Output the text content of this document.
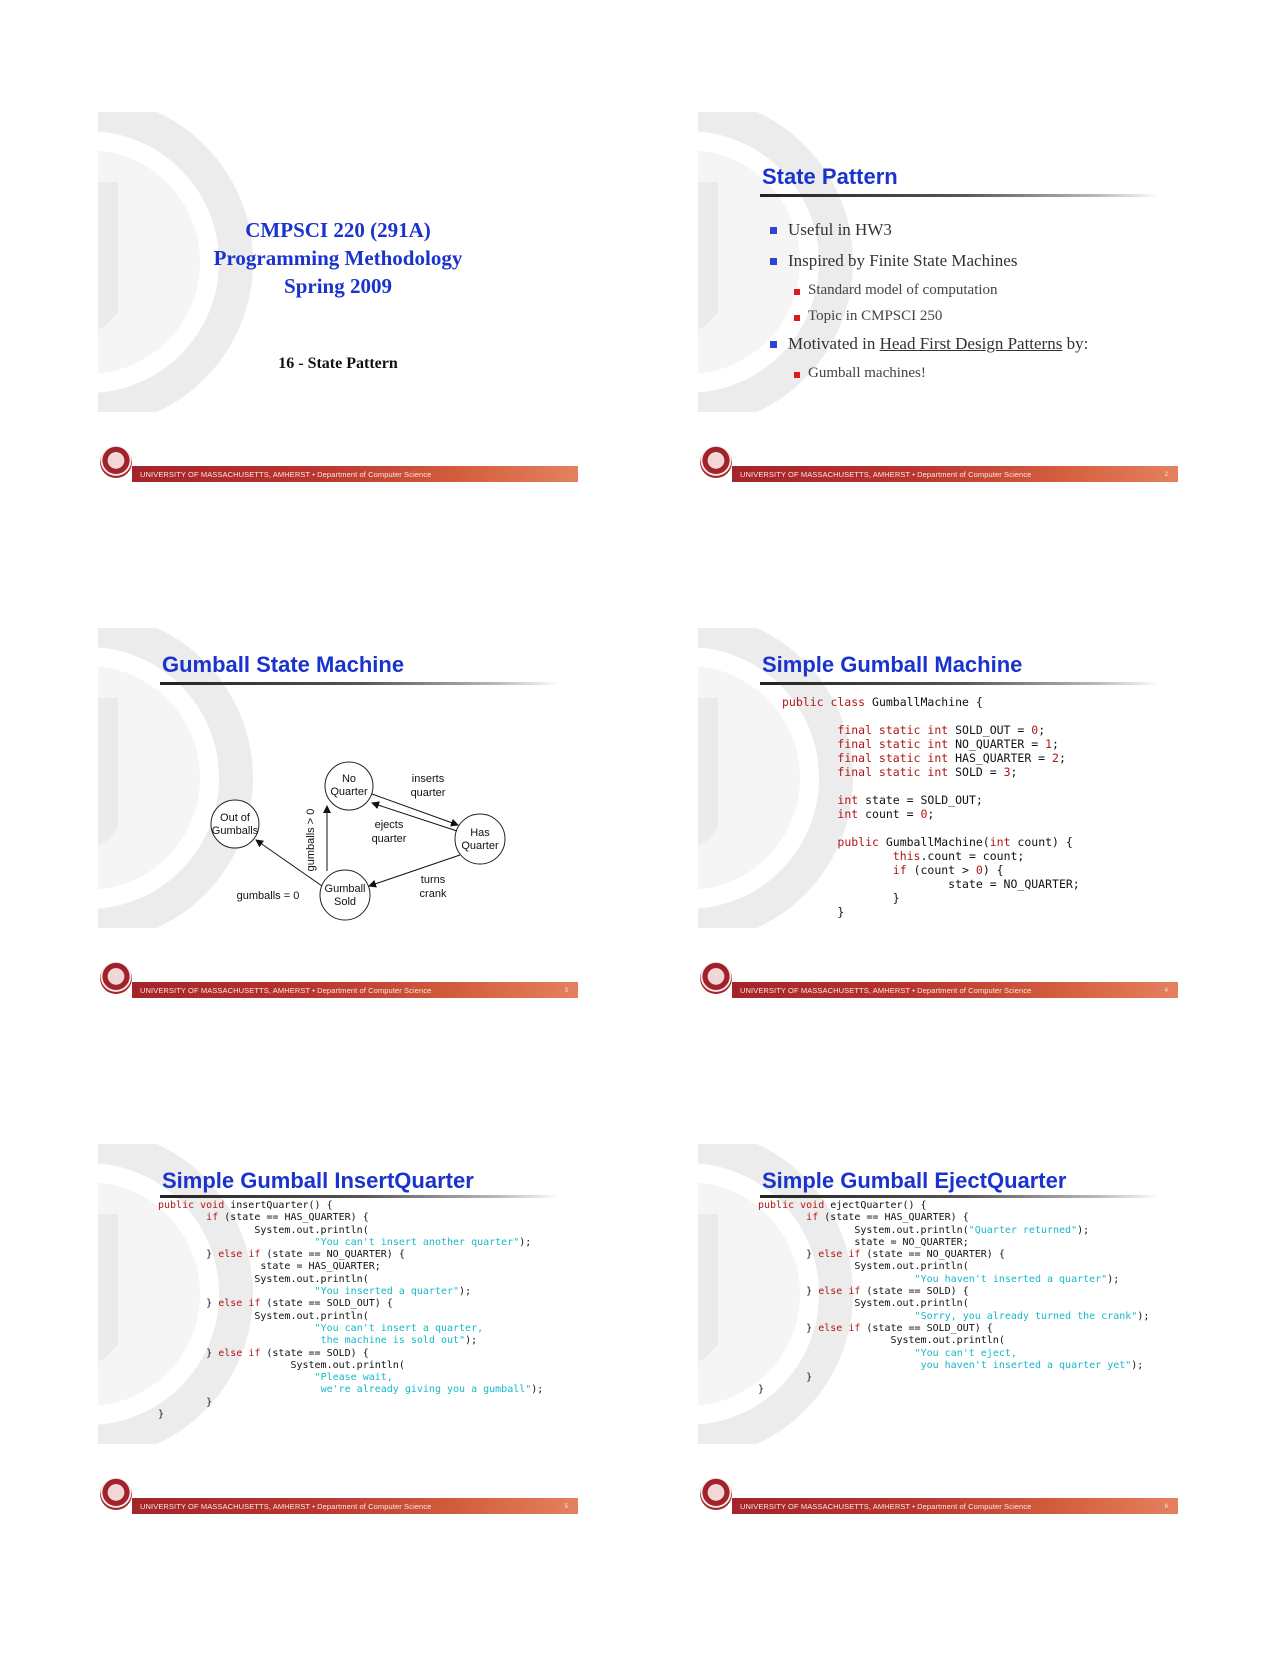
CMPSCI 220 (291A)
Programming Methodology
Spring 2009
16 - State Pattern
UNIVERSITY OF MASSACHUSETTS, AMHERST • Department of Computer Science
State Pattern
Useful in HW3
Inspired by Finite State Machines
Standard model of computation
Topic in CMPSCI 250
Motivated in Head First Design Patterns by:
Gumball machines!
UNIVERSITY OF MASSACHUSETTS, AMHERST • Department of Computer Science	2
Gumball State Machine
No
Quarter
Has
Quarter
Gumball
Sold
Out of
Gumballs
inserts
quarter
ejects
quarter
turns
crank
gumballs > 0
gumballs = 0
UNIVERSITY OF MASSACHUSETTS, AMHERST • Department of Computer Science	3
Simple Gumball Machine
public class GumballMachine {

final static int SOLD_OUT = 0;
final static int NO_QUARTER = 1;
final static int HAS_QUARTER = 2;
final static int SOLD = 3;

int state = SOLD_OUT;
int count = 0;

public GumballMachine(int count) {
this.count = count;
if (count > 0) {
state = NO_QUARTER;
}
}
UNIVERSITY OF MASSACHUSETTS, AMHERST • Department of Computer Science	4
Simple Gumball InsertQuarter
public void insertQuarter() {
if (state == HAS_QUARTER) {
System.out.println(
"You can't insert another quarter");
} else if (state == NO_QUARTER) {
state = HAS_QUARTER;
System.out.println(
"You inserted a quarter");
} else if (state == SOLD_OUT) {
System.out.println(
"You can't insert a quarter,
the machine is sold out");
} else if (state == SOLD) {
System.out.println(
"Please wait,
we're already giving you a gumball");
}
}
UNIVERSITY OF MASSACHUSETTS, AMHERST • Department of Computer Science	5
Simple Gumball EjectQuarter
public void ejectQuarter() {
if (state == HAS_QUARTER) {
System.out.println("Quarter returned");
state = NO_QUARTER;
} else if (state == NO_QUARTER) {
System.out.println(
"You haven't inserted a quarter");
} else if (state == SOLD) {
System.out.println(
"Sorry, you already turned the crank");
} else if (state == SOLD_OUT) {
System.out.println(
"You can't eject,
you haven't inserted a quarter yet");
}
}
UNIVERSITY OF MASSACHUSETTS, AMHERST • Department of Computer Science	6
